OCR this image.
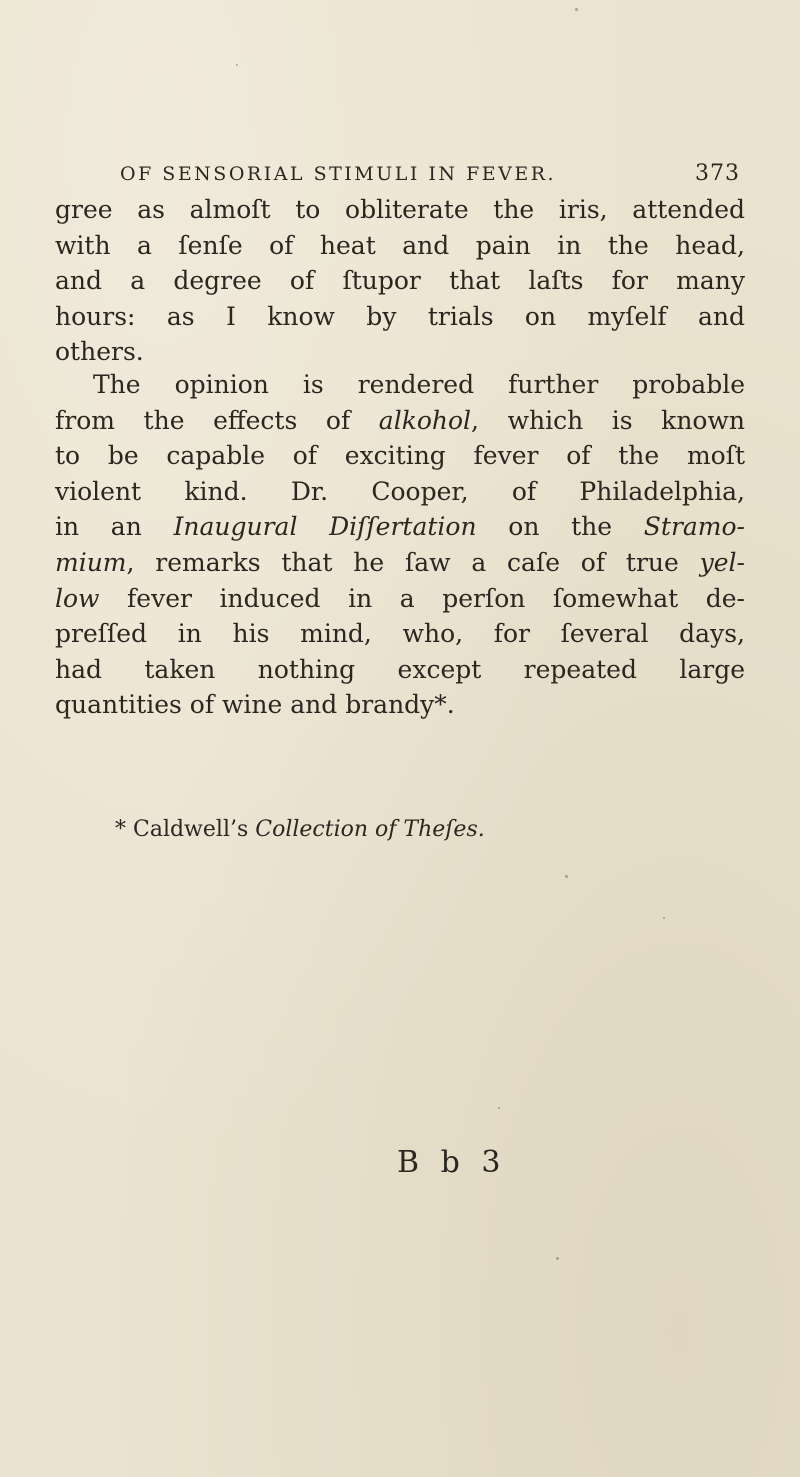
OF SENSORIAL STIMULI IN FEVER.	373

gree as almoſt to obliterate the iris, attended
with a ſenſe of heat and pain in the head,
and a degree of ſtupor that laſts for many
hours: as I know by trials on myſelf and
others.

The opinion is rendered further probable
from the effects of alkohol, which is known
to be capable of exciting fever of the moſt
violent kind. Dr. Cooper, of Philadelphia,
in an Inaugural Diſſertation on the Stramo-
mium, remarks that he ſaw a caſe of true yel-
low fever induced in a perſon ſomewhat de-
preſſed in his mind, who, for ſeveral days,
had taken nothing except repeated large
quantities of wine and brandy*.

* Caldwell’s Collection of Theſes.
B b 3
